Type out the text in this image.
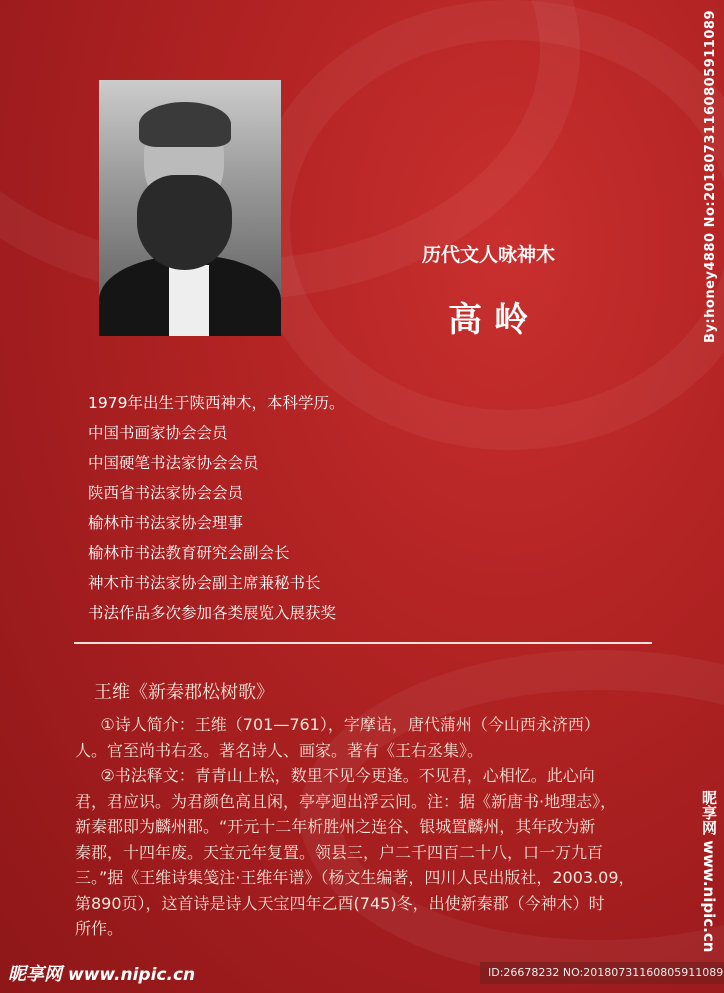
历代文人咏神木
高岭
1979年出生于陕西神木，本科学历。
中国书画家协会会员
中国硬笔书法家协会会员
陕西省书法家协会会员
榆林市书法家协会理事
榆林市书法教育研究会副会长
神木市书法家协会副主席兼秘书长
书法作品多次参加各类展览入展获奖
王维《新秦郡松树歌》
①诗人简介：王维（701—761），字摩诘，唐代蒲州（今山西永济西）
人。官至尚书右丞。著名诗人、画家。著有《王右丞集》。
②书法释文：青青山上松，数里不见今更逢。不见君，心相忆。此心向
君，君应识。为君颜色高且闲，亭亭迴出浮云间。注：据《新唐书·地理志》，
新秦郡即为麟州郡。“开元十二年析胜州之连谷、银城置麟州，其年改为新
秦郡，十四年废。天宝元年复置。领县三，户二千四百二十八，口一万九百
三。”据《王维诗集笺注·王维年谱》（杨文生编著，四川人民出版社，2003.09，
第890页），这首诗是诗人天宝四年乙酉(745)冬，出使新秦郡（今神木）时
所作。
By:honey4880 No:20180731160805911089
昵享网 www.nipic.cn
昵享网 www.nipic.cn	ID:26678232 NO:20180731160805911089
